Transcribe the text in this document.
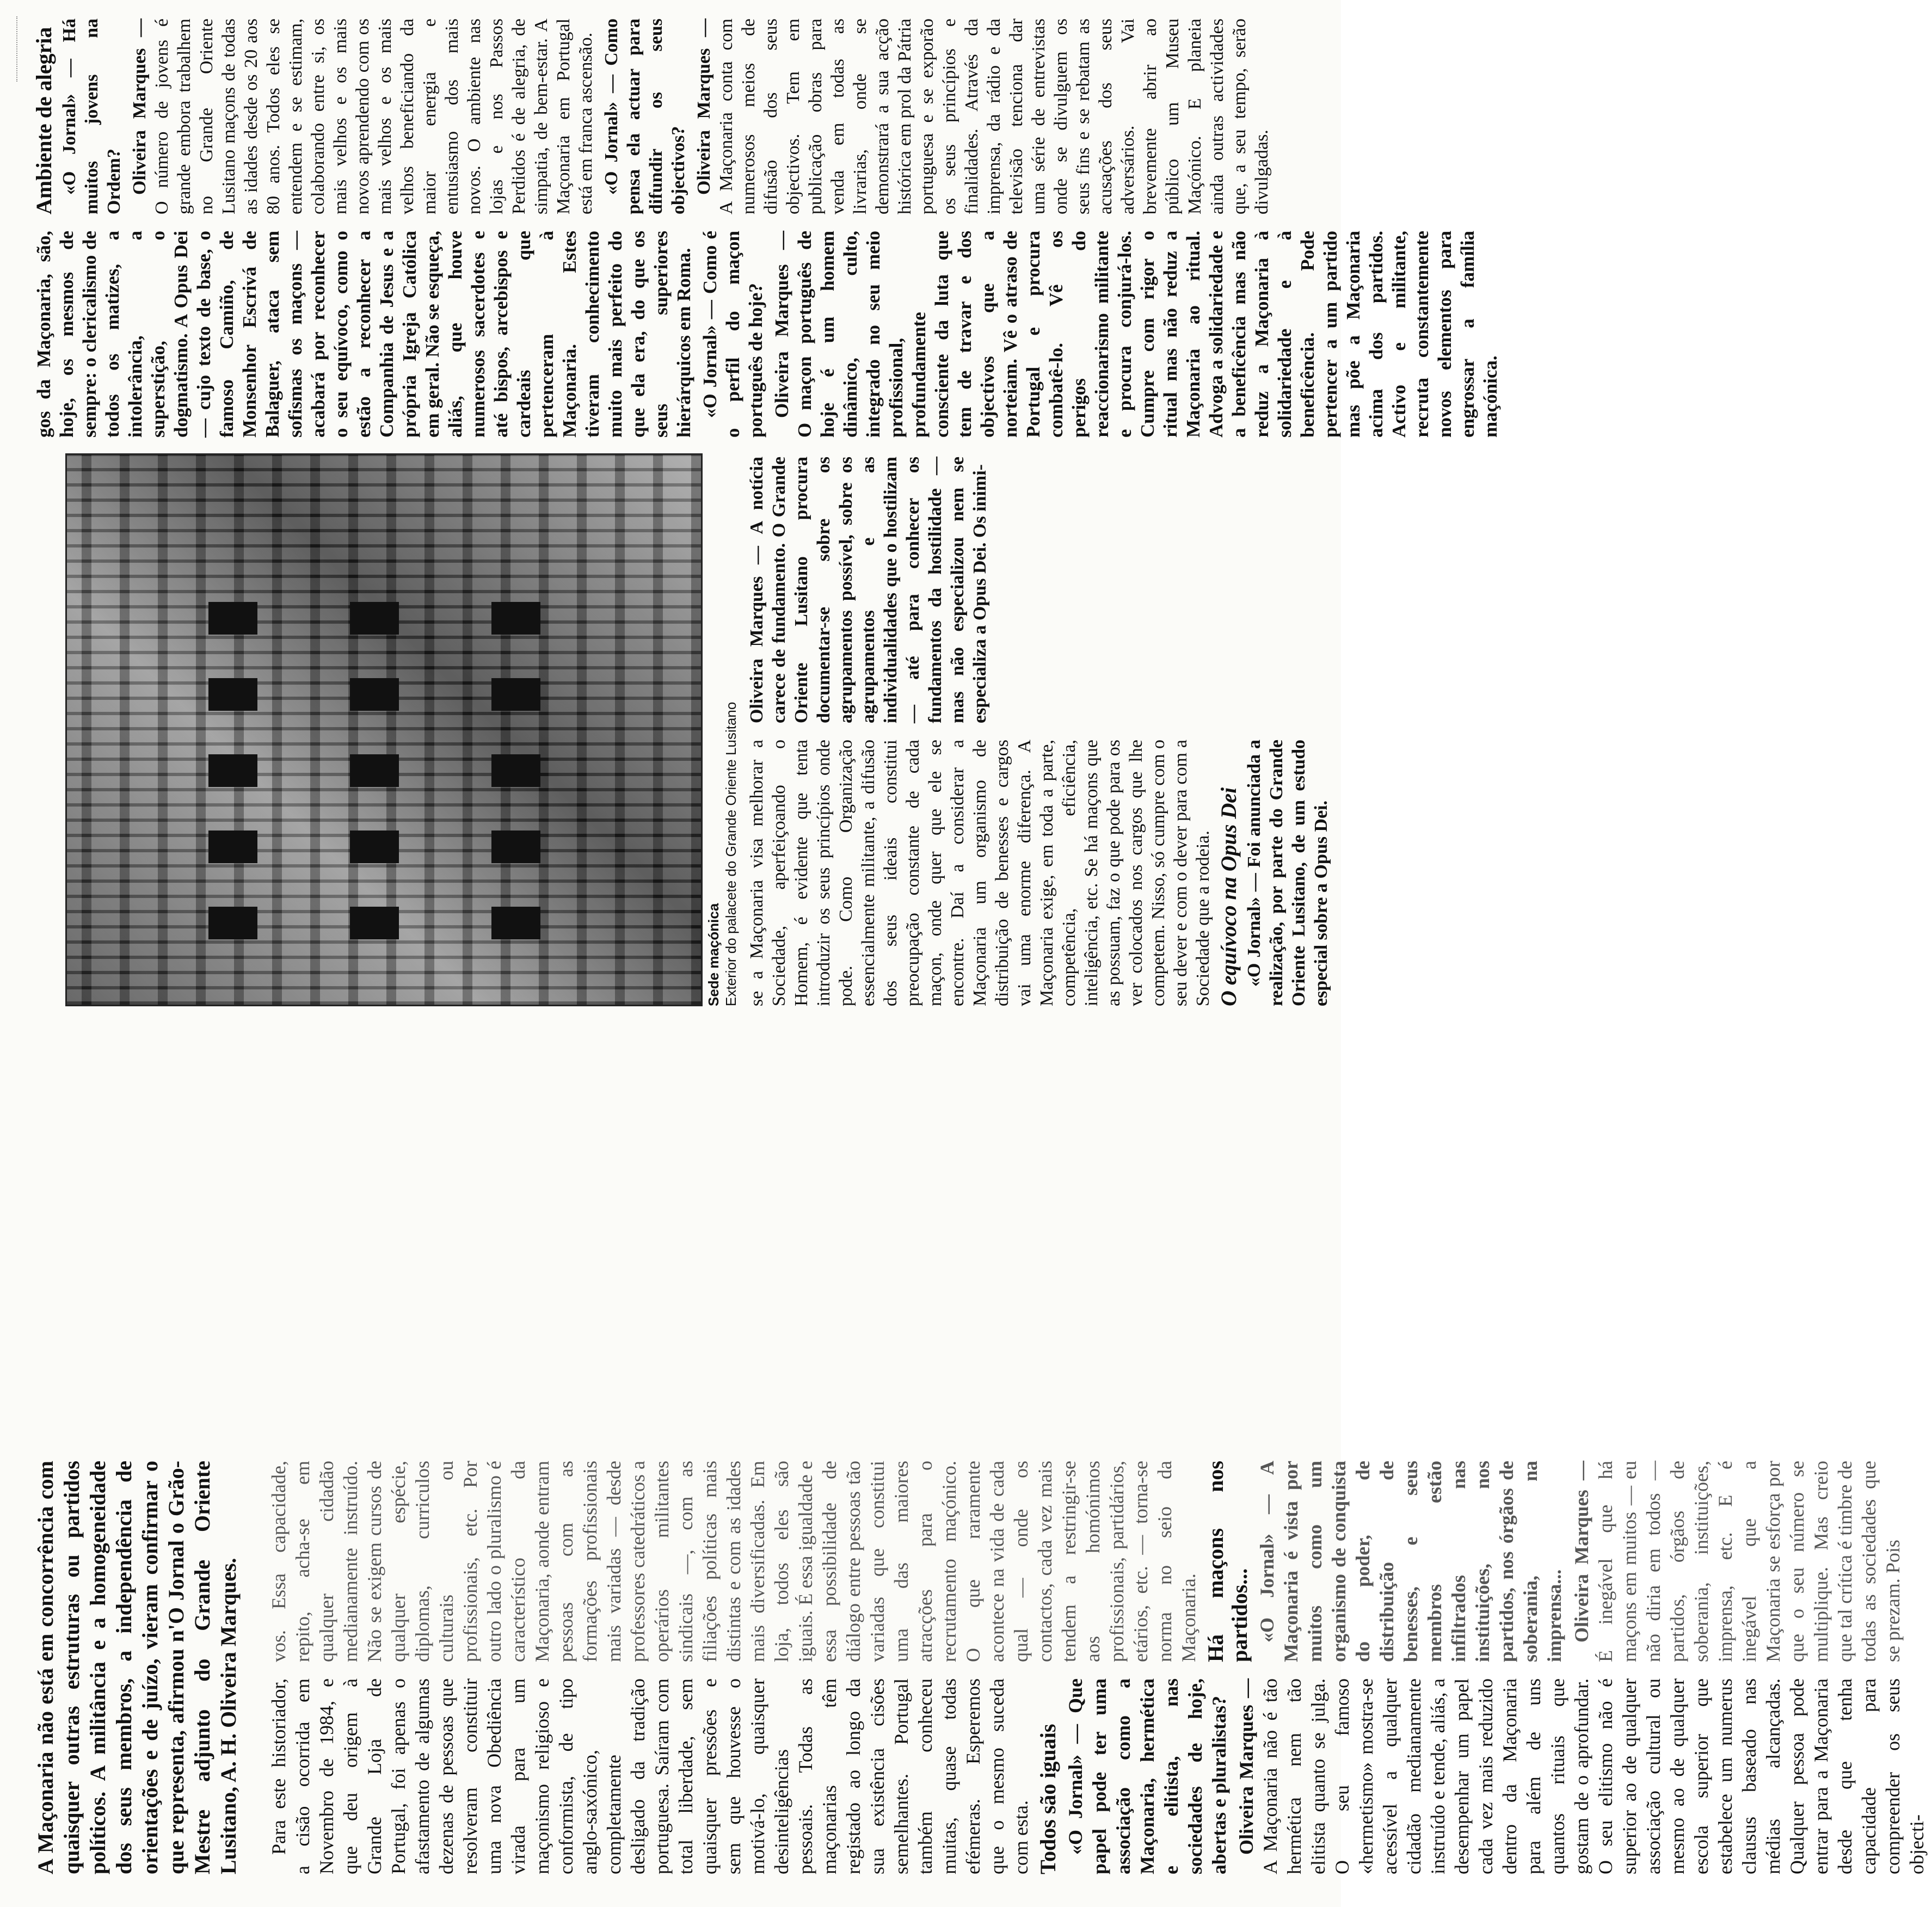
A Maçonaria não está em concorrência com quaisquer outras estruturas ou partidos políticos. A militância e a homogeneidade dos seus membros, a independência de orientações e de juízo, vieram confirmar o que representa, afirmou n'O Jornal o Grão-Mestre adjunto do Grande Oriente Lusitano, A. H. Oliveira Marques. Para este historiador, a cisão ocorrida em Novembro de 1984, e que deu origem à Grande Loja de Portugal, foi apenas o afastamento de algumas dezenas de pessoas que resolveram constituir uma nova Obediência virada para um maçonismo religioso e conformista, de tipo anglo-saxónico, completamente desligado da tradição portuguesa. Saíram com total liberdade, sem quaisquer pressões e sem que houvesse o motivá-lo, quaisquer desinteligências pessoais. Todas as maçonarias têm registado ao longo da sua existência cisões semelhantes. Portugal também conheceu muitas, quase todas efémeras. Esperemos que o mesmo suceda com esta. Todos são iguais «O Jornal» — Que papel pode ter uma associação como a Maçonaria, hermética e elitista, nas sociedades de hoje, abertas e pluralistas? Oliveira Marques — A Maçonaria não é tão hermética nem tão elitista quanto se julga. O seu famoso «hermetismo» mostra-se acessível a qualquer cidadão medianamente instruído e tende, aliás, a desempenhar um papel cada vez mais reduzido dentro da Maçonaria para além de uns quantos rituais que gostam de o aprofundar. O seu elitismo não é superior ao de qualquer associação cultural ou mesmo ao de qualquer escola superior que estabelece um numerus clausus baseado nas médias alcançadas. Qualquer pessoa pode entrar para a Maçonaria desde que tenha capacidade para compreender os seus objecti-

vos. Essa capacidade, repito, acha-se em qualquer cidadão medianamente instruído. Não se exigem cursos de qualquer espécie, diplomas, curriculos culturais ou profissionais, etc. Por outro lado o pluralismo é característico da Maçonaria, aonde entram pessoas com as formações profissionais mais variadas — desde professores catedráticos a operários militantes sindicais —, com as filiações políticas mais distintas e com as idades mais diversificadas. Em loja, todos eles são iguais. É essa igualdade e essa possibilidade de diálogo entre pessoas tão variadas que constitui uma das maiores atracções para o recrutamento maçónico. O que raramente acontece na vida de cada qual — onde os contactos, cada vez mais tendem a restringir-se aos homónimos profissionais, partidários, etários, etc. — torna-se norma no seio da Maçonaria. Há maçons nos partidos... «O Jornal» — A Maçonaria é vista por muitos como um organismo de conquista do poder, de distribuição de benesses, e seus membros estão infiltrados nas instituições, nos partidos, nos órgãos de soberania, na imprensa... Oliveira Marques — É inegável que há maçons em muitos — eu não diria em todos — partidos, órgãos de soberania, instituições, imprensa, etc. E é inegável que a Maçonaria se esforça por que o seu número se multiplique. Mas creio que tal crítica é timbre de todas as sociedades que se prezam. Pois

Sede maçónica Exterior do palacete do Grande Oriente Lusitano se a Maçonaria visa melhorar a Sociedade, aperfeiçoando o Homem, é evidente que tenta introduzir os seus princípios onde pode. Como Organização essencialmente militante, a difusão dos seus ideais constitui preocupação constante de cada maçon, onde quer que ele se encontre. Daí a considerar a Maçonaria um organismo de distribuição de benesses e cargos vai uma enorme diferença. A Maçonaria exige, em toda a parte, competência, eficiência, inteligência, etc. Se há maçons que as possuam, faz o que pode para os ver colocados nos cargos que lhe competem. Nisso, só cumpre com o seu dever e com o dever para com a Sociedade que a rodeia. O equívoco na Opus Dei «O Jornal» — Foi anunciada a realização, por parte do Grande Oriente Lusitano, de um estudo especial sobre a Opus Dei.

Oliveira Marques — A notícia carece de fundamento. O Grande Oriente Lusitano procura documentar-se sobre os agrupamentos possível, sobre os agrupamentos e as individualidades que o hostilizam — até para conhecer os fundamentos da hostilidade — mas não especializou nem se especializa a Opus Dei. Os inimi-

gos da Maçonaria, são, hoje, os mesmos de sempre: o clericalismo de todos os matizes, a intolerância, a superstição, o dogmatismo. A Opus Dei — cujo texto de base, o famoso Camiño, de Monsenhor Escrivá de Balaguer, ataca sem sofismas os maçons — acabará por reconhecer o seu equívoco, como o estão a reconhecer a Companhia de Jesus e a própria Igreja Católica em geral. Não se esqueça, aliás, que houve numerosos sacerdotes e até bispos, arcebispos e cardeais que pertenceram à Maçonaria. Estes tiveram conhecimento muito mais perfeito do que ela era, do que os seus superiores hierárquicos em Roma. «O Jornal» — Como é o perfil do maçon português de hoje? Oliveira Marques — O maçon português de hoje é um homem dinâmico, culto, integrado no seu meio profissional, profundamente consciente da luta que tem de travar e dos objectivos que a norteiam. Vê o atraso de Portugal e procura combatê-lo. Vê os perigos do reaccionarismo militante e procura conjurá-los. Cumpre com rigor o ritual mas não reduz a Maçonaria ao ritual. Advoga a solidariedade e a beneficência mas não reduz a Maçonaria à solidariedade e à beneficência. Pode pertencer a um partido mas põe a Maçonaria acima dos partidos. Activo e militante, recruta constantemente novos elementos para engrossar a família maçónica.

Ambiente de alegria «O Jornal» — Há muitos jovens na Ordem? Oliveira Marques — O número de jovens é grande embora trabalhem no Grande Oriente Lusitano maçons de todas as idades desde os 20 aos 80 anos. Todos eles se entendem e se estimam, colaborando entre si, os mais velhos e os mais novos aprendendo com os mais velhos e os mais velhos beneficiando da maior energia e entusiasmo dos mais novos. O ambiente nas lojas e nos Passos Perdidos é de alegria, de simpatia, de bem-estar. A Maçonaria em Portugal está em franca ascensão. «O Jornal» — Como pensa ela actuar para difundir os seus objectivos? Oliveira Marques — A Maçonaria conta com numerosos meios de difusão dos seus objectivos. Tem em publicação obras para venda em todas as livrarias, onde se demonstrará a sua acção histórica em prol da Pátria portuguesa e se exporão os seus princípios e finalidades. Através da imprensa, da rádio e da televisão tenciona dar uma série de entrevistas onde se divulguem os seus fins e se rebatam as acusações dos seus adversários. Vai brevemente abrir ao público um Museu Maçónico. E planeia ainda outras actividades que, a seu tempo, serão divulgadas.
